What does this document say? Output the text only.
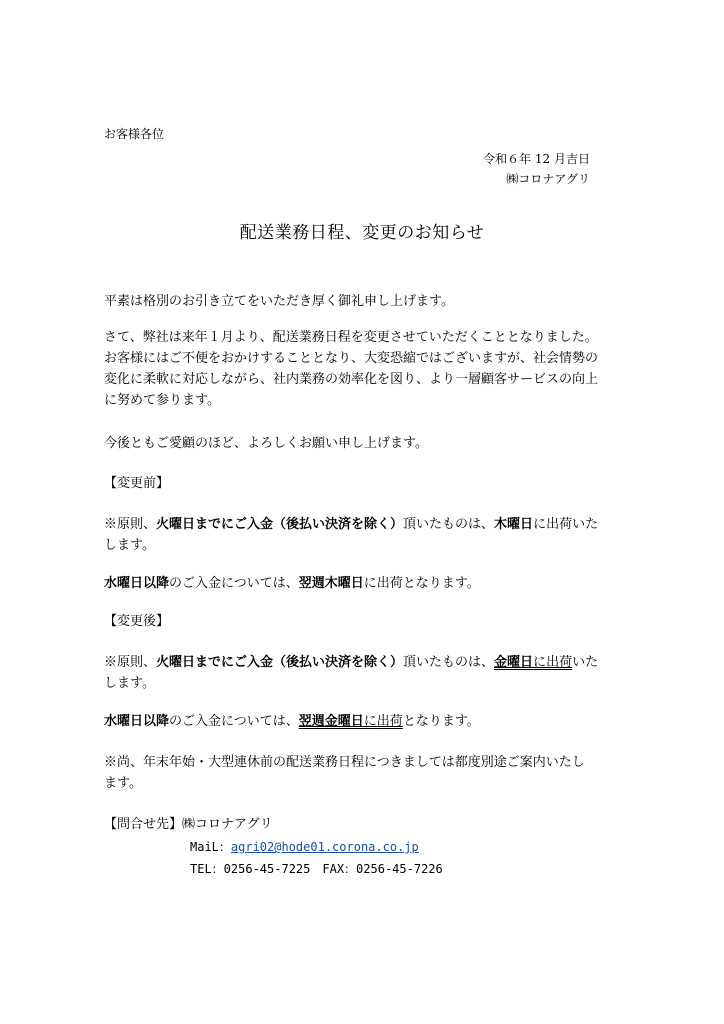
お客様各位
令和６年 12 月吉日
㈱コロナアグリ
配送業務日程、変更のお知らせ
平素は格別のお引き立てをいただき厚く御礼申し上げます。
さて、弊社は来年１月より、配送業務日程を変更させていただくこととなりました。
お客様にはご不便をおかけすることとなり、大変恐縮ではございますが、社会情勢の
変化に柔軟に対応しながら、社内業務の効率化を図り、より一層顧客サービスの向上
に努めて参ります。
今後ともご愛顧のほど、よろしくお願い申し上げます。
【変更前】
※原則、火曜日までにご入金（後払い決済を除く）頂いたものは、木曜日に出荷いた
します。
水曜日以降のご入金については、翌週木曜日に出荷となります。
【変更後】
※原則、火曜日までにご入金（後払い決済を除く）頂いたものは、金曜日に出荷いた
します。
水曜日以降のご入金については、翌週金曜日に出荷となります。
※尚、年末年始・大型連休前の配送業務日程につきましては都度別途ご案内いたし
ます。
【問合せ先】㈱コロナアグリ
MaiL：agri02@hode01.corona.co.jp
TEL：0256-45-7225　FAX：0256-45-7226
